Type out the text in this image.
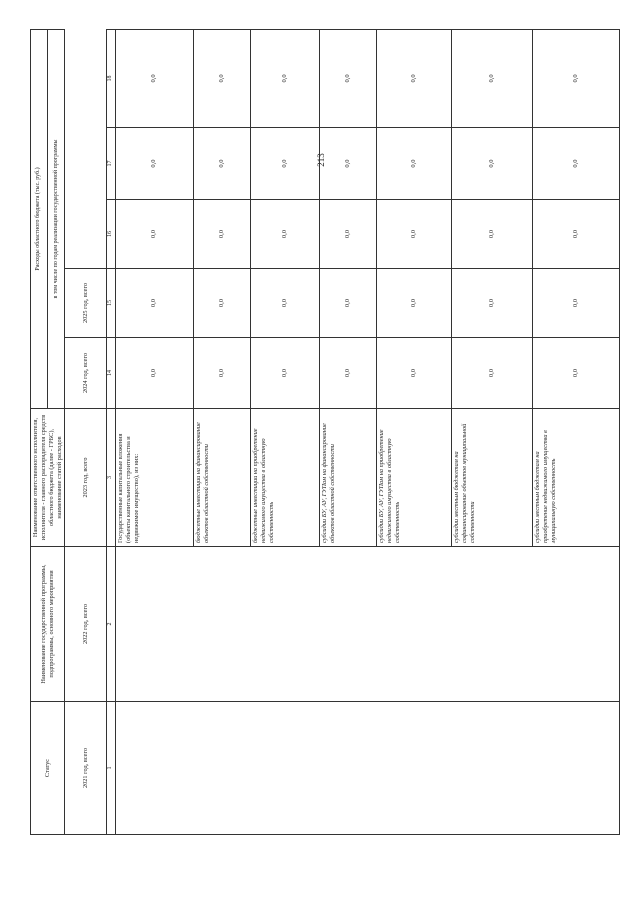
213
Статус	Наименование государственной программы, подпрограммы, основного мероприятия	Наименование ответственного исполнителя, исполнителя - главного распорядителя средств областного бюджета (далее - ГРБС), наименование статей расходов	Расходы областного бюджета (тыс. руб.)				
			в том числе по годам реализации государственной программы				
2021 год, всего	2022 год, всего	2023 год, всего	2024 год, всего	2025 год, всего			
1	2	3	14	15	16	17	18
		Государственные капитальные вложения (объекты капитального строительства и недвижимое имущество), из них:	0,0	0,0	0,0	0,0	0,0
		бюджетные инвестиции на финансирование объектов областной собственности	0,0	0,0	0,0	0,0	0,0
		бюджетные инвестиции на приобретение недвижимого имущества в областную собственность	0,0	0,0	0,0	0,0	0,0
		субсидии БУ, АУ, ГУПам на финансирование объектов областной собственности	0,0	0,0	0,0	0,0	0,0
		субсидии БУ, АУ, ГУПам на приобретение недвижимого имущества в областную собственность	0,0	0,0	0,0	0,0	0,0
		субсидии местным бюджетам на софинансирование объектов муниципальной собственности	0,0	0,0	0,0	0,0	0,0
		субсидии местным бюджетам на приобретение недвижимого имущества в муниципальную собственность	0,0	0,0	0,0	0,0	0,0
